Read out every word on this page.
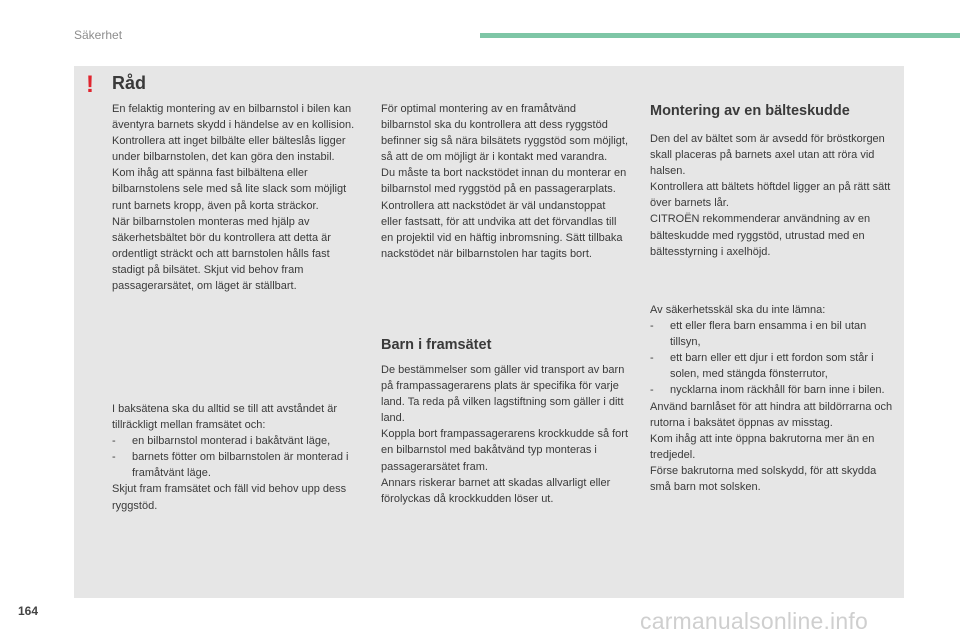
Säkerhet
! Råd

En felaktig montering av en bilbarnstol i bilen kan äventyra barnets skydd i händelse av en kollision.

Kontrollera att inget bilbälte eller bälteslås ligger under bilbarnstolen, det kan göra den instabil.

Kom ihåg att spänna fast bilbältena eller bilbarnstolens sele med så lite slack som möjligt runt barnets kropp, även på korta sträckor.

När bilbarnstolen monteras med hjälp av säkerhetsbältet bör du kontrollera att detta är ordentligt sträckt och att barnstolen hålls fast stadigt på bilsätet. Skjut vid behov fram passagerarsätet, om läget är ställbart.

I baksätena ska du alltid se till att avståndet är tillräckligt mellan framsätet och:

- en bilbarnstol monterad i bakåtvänt läge,
- barnets fötter om bilbarnstolen är monterad i framåtvänt läge.

Skjut fram framsätet och fäll vid behov upp dess ryggstöd.

För optimal montering av en framåtvänd bilbarnstol ska du kontrollera att dess ryggstöd befinner sig så nära bilsätets ryggstöd som möjligt, så att de om möjligt är i kontakt med varandra.

Du måste ta bort nackstödet innan du monterar en bilbarnstol med ryggstöd på en passagerarplats.

Kontrollera att nackstödet är väl undanstoppat eller fastsatt, för att undvika att det förvandlas till en projektil vid en häftig inbromsning. Sätt tillbaka nackstödet när bilbarnstolen har tagits bort.

Barn i framsätet

De bestämmelser som gäller vid transport av barn på frampassagerarens plats är specifika för varje land. Ta reda på vilken lagstiftning som gäller i ditt land.

Koppla bort frampassagerarens krockkudde så fort en bilbarnstol med bakåtvänd typ monteras i passagerarsätet fram.

Annars riskerar barnet att skadas allvarligt eller förolyckas då krockkudden löser ut.

Montering av en bälteskudde

Den del av bältet som är avsedd för bröstkorgen skall placeras på barnets axel utan att röra vid halsen.

Kontrollera att bältets höftdel ligger an på rätt sätt över barnets lår.

CITROËN rekommenderar användning av en bälteskudde med ryggstöd, utrustad med en bältesstyrning i axelhöjd.

Av säkerhetsskäl ska du inte lämna:

- ett eller flera barn ensamma i en bil utan tillsyn,
- ett barn eller ett djur i ett fordon som står i solen, med stängda fönsterrutor,
- nycklarna inom räckhåll för barn inne i bilen.

Använd barnlåset för att hindra att bildörrarna och rutorna i baksätet öppnas av misstag.

Kom ihåg att inte öppna bakrutorna mer än en tredjedel.

Förse bakrutorna med solskydd, för att skydda små barn mot solsken.

164	carmanualsonline.info
